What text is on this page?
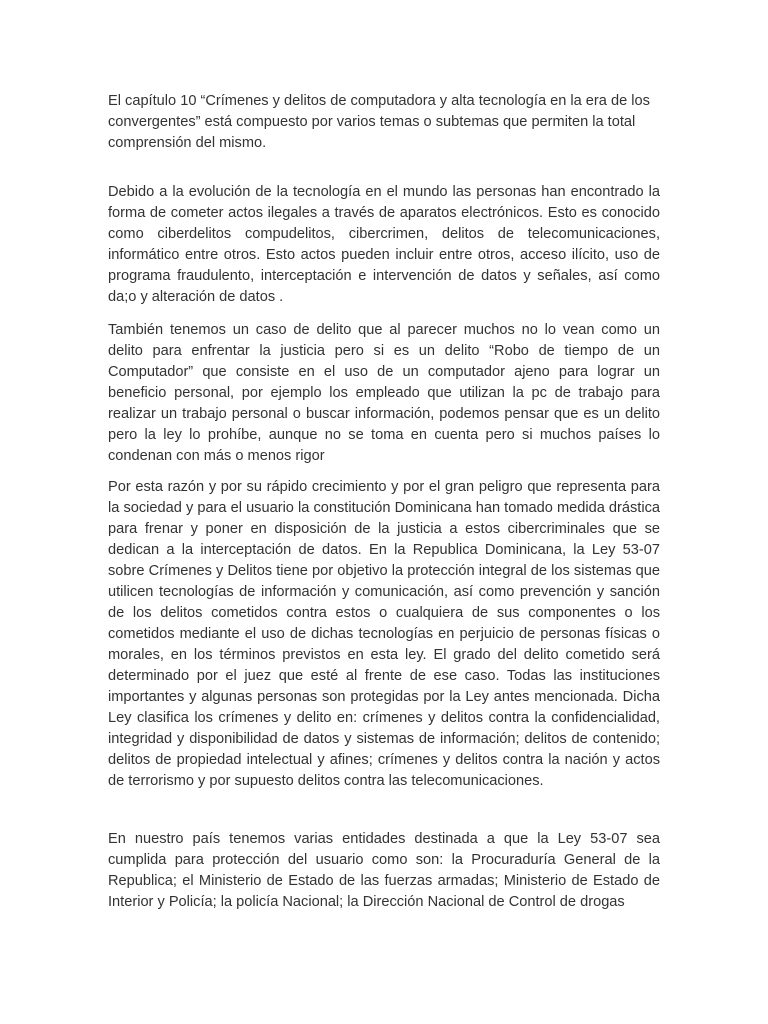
El capítulo 10 “Crímenes y delitos de computadora y alta tecnología en la era de los convergentes” está compuesto por varios temas o subtemas que permiten la total comprensión del mismo.

Debido a la evolución de la tecnología en el mundo las personas han encontrado la forma de cometer actos ilegales a través de aparatos electrónicos. Esto es conocido como ciberdelitos compudelitos, cibercrimen, delitos de telecomunicaciones, informático entre otros. Esto actos pueden incluir entre otros, acceso ilícito, uso de programa fraudulento, interceptación e intervención de datos y señales, así como da;o y alteración de datos .

También tenemos un caso de delito que al parecer muchos no lo vean como un delito para enfrentar la justicia pero si es un delito “Robo de tiempo de un Computador” que consiste en el uso de un computador ajeno para lograr un beneficio personal, por ejemplo los empleado que utilizan la pc de trabajo para realizar un trabajo personal o buscar información, podemos pensar que es un delito pero la ley lo prohíbe, aunque no se toma en cuenta pero si muchos países lo condenan con más o menos rigor

Por esta razón y por su rápido crecimiento y por el gran peligro que representa para la sociedad y para el usuario la constitución Dominicana han tomado medida drástica para frenar y poner en disposición de la justicia a estos cibercriminales que se dedican a la interceptación de datos. En la Republica Dominicana, la Ley 53-07 sobre Crímenes y Delitos tiene por objetivo la protección integral de los sistemas que utilicen tecnologías de información y comunicación, así como prevención y sanción de los delitos cometidos contra estos o cualquiera de sus componentes o los cometidos mediante el uso de dichas tecnologías en perjuicio de personas físicas o morales, en los términos previstos en esta ley. El grado del delito cometido será determinado por el juez que esté al frente de ese caso. Todas las instituciones importantes y algunas personas son protegidas por la Ley antes mencionada. Dicha Ley clasifica los crímenes y delito en: crímenes y delitos contra la confidencialidad, integridad y disponibilidad de datos y sistemas de información; delitos de contenido; delitos de propiedad intelectual y afines; crímenes y delitos contra la nación y actos de terrorismo y por supuesto delitos contra las telecomunicaciones.

En nuestro país tenemos varias entidades destinada a que la Ley 53-07 sea cumplida para protección del usuario como son: la Procuraduría General de la Republica; el Ministerio de Estado de las fuerzas armadas; Ministerio de Estado de Interior y Policía; la policía Nacional; la Dirección Nacional de Control de drogas
